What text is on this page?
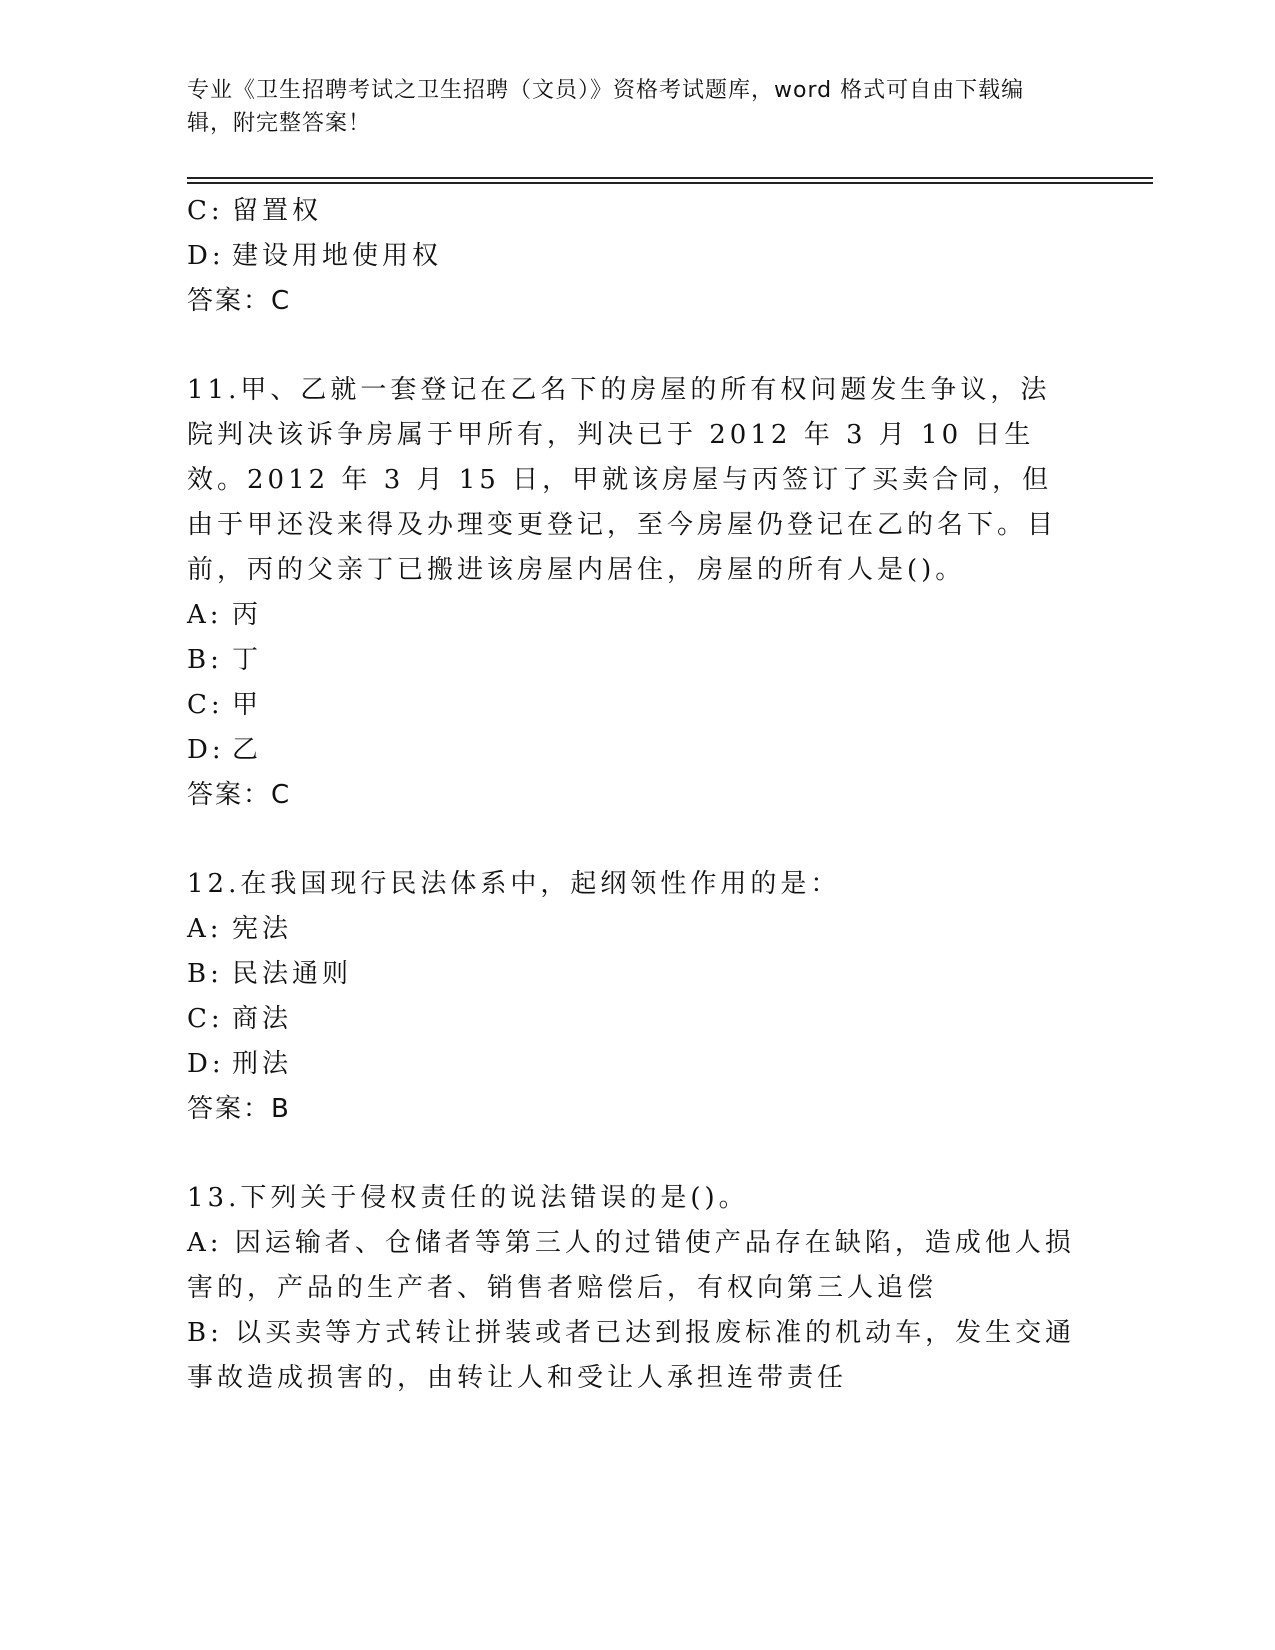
专业《卫生招聘考试之卫生招聘（文员）》资格考试题库，word 格式可自由下载编辑，附完整答案！

C: 留置权

D: 建设用地使用权

答案：C

11.甲、乙就一套登记在乙名下的房屋的所有权问题发生争议，法院判决该诉争房属于甲所有，判决已于 2012 年 3 月 10 日生效。2012 年 3 月 15 日，甲就该房屋与丙签订了买卖合同，但由于甲还没来得及办理变更登记，至今房屋仍登记在乙的名下。目前，丙的父亲丁已搬进该房屋内居住，房屋的所有人是()。

A: 丙

B: 丁

C: 甲

D: 乙

答案：C

12.在我国现行民法体系中，起纲领性作用的是：

A: 宪法

B: 民法通则

C: 商法

D: 刑法

答案：B

13.下列关于侵权责任的说法错误的是()。

A: 因运输者、仓储者等第三人的过错使产品存在缺陷，造成他人损害的，产品的生产者、销售者赔偿后，有权向第三人追偿

B: 以买卖等方式转让拼装或者已达到报废标准的机动车，发生交通事故造成损害的，由转让人和受让人承担连带责任
